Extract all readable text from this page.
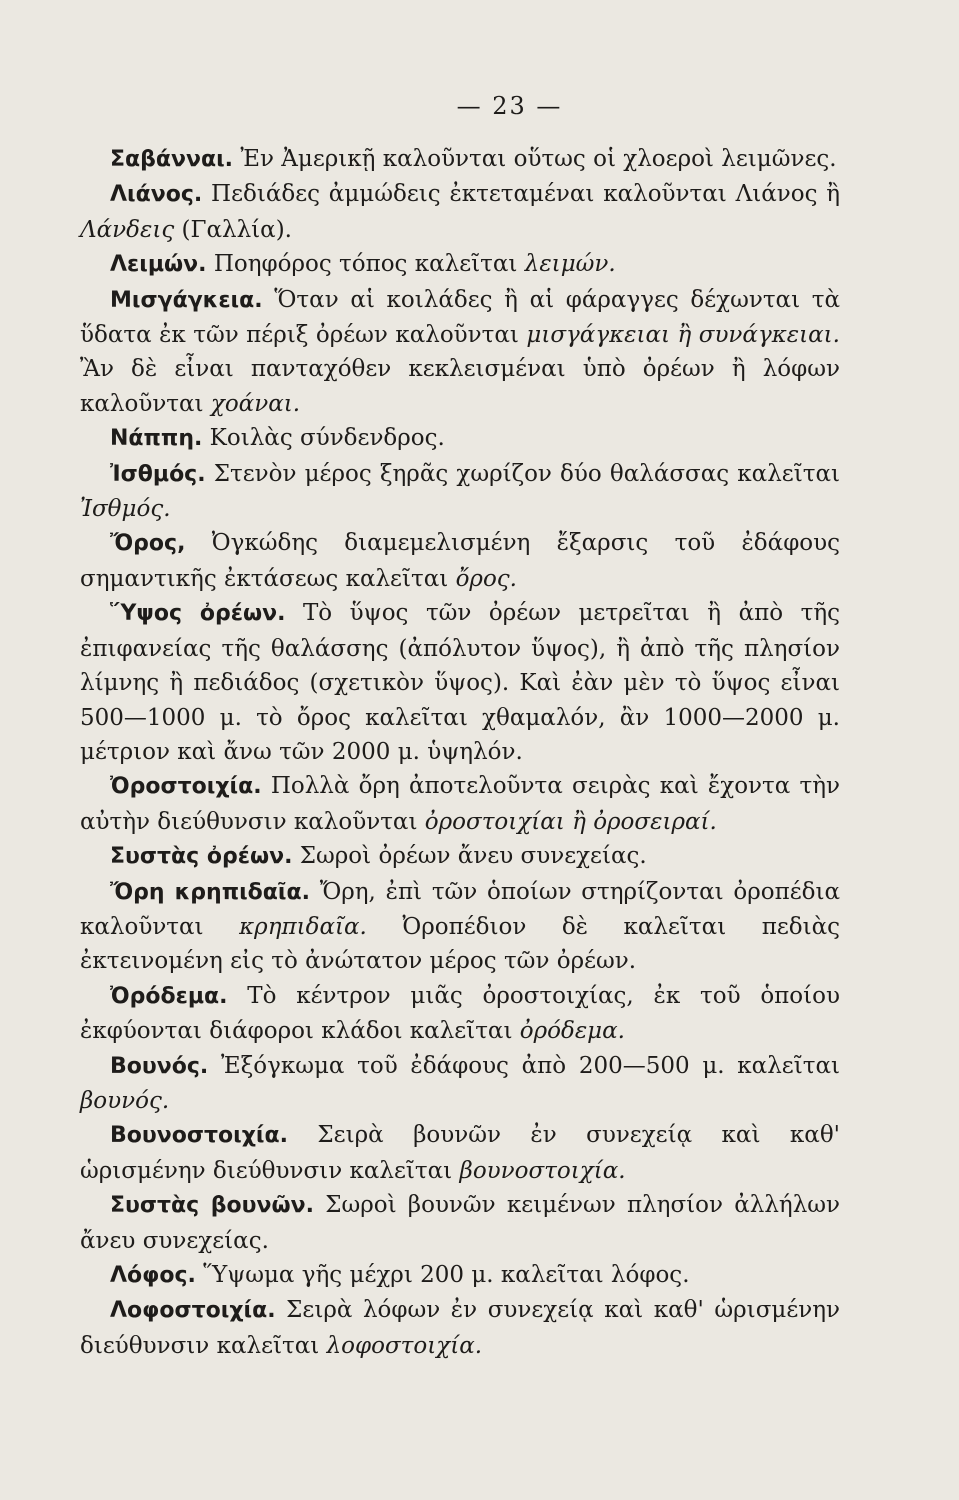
— 23 —

Σαβάνναι. Ἐν Ἀμερικῇ καλοῦνται οὕτως οἱ χλοεροὶ λειμῶνες.

Λιάνος. Πεδιάδες ἀμμώδεις ἐκτεταμέναι καλοῦνται Λιάνος ἢ Λάνδεις (Γαλλία).

Λειμών. Ποηφόρος τόπος καλεῖται λειμών.

Μισγάγκεια. Ὅταν αἱ κοιλάδες ἢ αἱ φάραγγες δέχωνται τὰ ὕδατα ἐκ τῶν πέριξ ὀρέων καλοῦνται μισγάγκειαι ἢ συνάγκειαι. Ἂν δὲ εἶναι πανταχόθεν κεκλεισμέναι ὑπὸ ὀρέων ἢ λόφων καλοῦνται χοάναι.

Νάππη. Κοιλὰς σύνδενδρος.

Ἰσθμός. Στενὸν μέρος ξηρᾶς χωρίζον δύο θαλάσσας καλεῖται Ἰσθμός.

Ὄρος, Ὀγκώδης διαμεμελισμένη ἔξαρσις τοῦ ἐδάφους σημαντικῆς ἐκτάσεως καλεῖται ὄρος.

Ὕψος ὀρέων. Τὸ ὕψος τῶν ὀρέων μετρεῖται ἢ ἀπὸ τῆς ἐπιφανείας τῆς θαλάσσης (ἀπόλυτον ὕψος), ἢ ἀπὸ τῆς πλησίον λίμνης ἢ πεδιάδος (σχετικὸν ὕψος). Καὶ ἐὰν μὲν τὸ ὕψος εἶναι 500—1000 μ. τὸ ὄρος καλεῖται χθαμαλόν, ἂν 1000—2000 μ. μέτριον καὶ ἄνω τῶν 2000 μ. ὑψηλόν.

Ὀροστοιχία. Πολλὰ ὄρη ἀποτελοῦντα σειρὰς καὶ ἔχοντα τὴν αὐτὴν διεύθυνσιν καλοῦνται ὀροστοιχίαι ἢ ὀροσειραί.

Συστὰς ὀρέων. Σωροὶ ὀρέων ἄνευ συνεχείας.

Ὄρη κρηπιδαῖα. Ὄρη, ἐπὶ τῶν ὁποίων στηρίζονται ὀροπέδια καλοῦνται κρηπιδαῖα. Ὀροπέδιον δὲ καλεῖται πεδιὰς ἐκτεινομένη εἰς τὸ ἀνώτατον μέρος τῶν ὀρέων.

Ὀρόδεμα. Τὸ κέντρον μιᾶς ὀροστοιχίας, ἐκ τοῦ ὁποίου ἐκφύονται διάφοροι κλάδοι καλεῖται ὀρόδεμα.

Βουνός. Ἐξόγκωμα τοῦ ἐδάφους ἀπὸ 200—500 μ. καλεῖται βουνός.

Βουνοστοιχία. Σειρὰ βουνῶν ἐν συνεχείᾳ καὶ καθ' ὡρισμένην διεύθυνσιν καλεῖται βουνοστοιχία.

Συστὰς βουνῶν. Σωροὶ βουνῶν κειμένων πλησίον ἀλλήλων ἄνευ συνεχείας.

Λόφος. Ὕψωμα γῆς μέχρι 200 μ. καλεῖται λόφος.

Λοφοστοιχία. Σειρὰ λόφων ἐν συνεχείᾳ καὶ καθ' ὡρισμένην διεύθυνσιν καλεῖται λοφοστοιχία.
